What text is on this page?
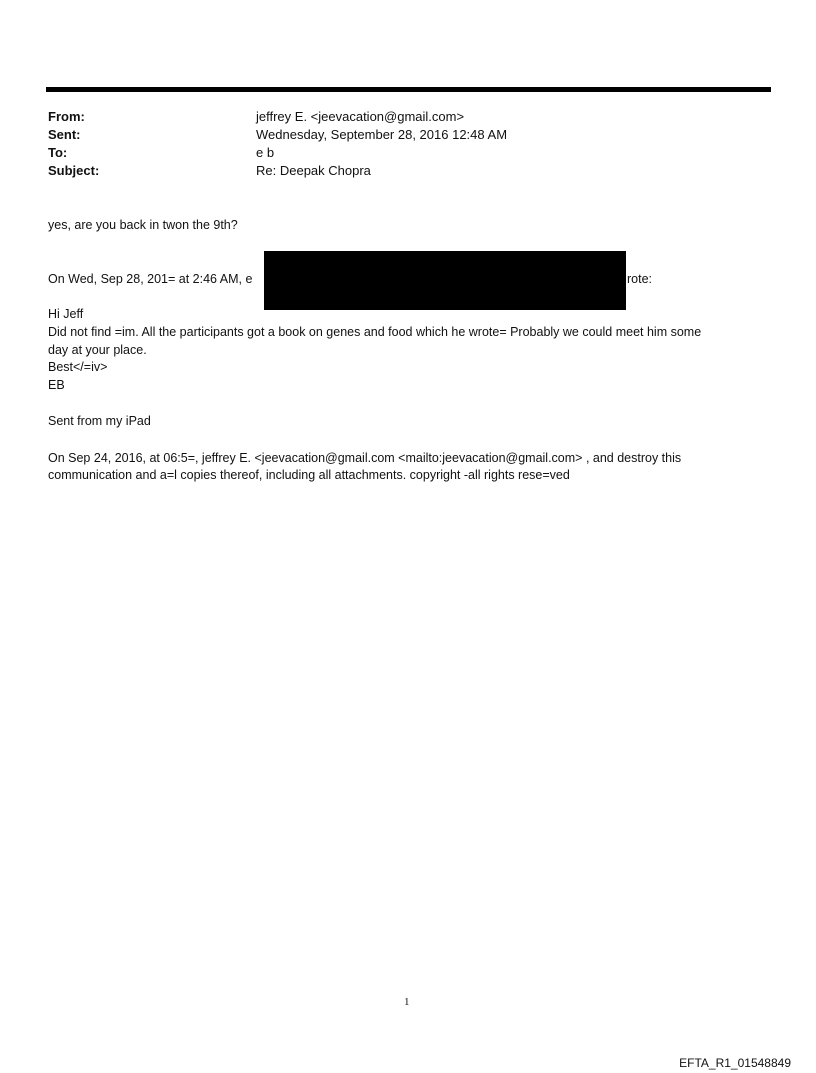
From:	jeffrey E. <jeevacation@gmail.com>
Sent:	Wednesday, September 28, 2016 12:48 AM
To:	e b
Subject:	Re: Deepak Chopra
yes, are you back in twon the 9th?
On Wed, Sep 28, 201= at 2:46 AM, e	rote:
Hi Jeff
Did not find =im. All the participants got a book on genes and food which he wrote= Probably we could meet him some
day at your place.
Best</=iv>
EB
Sent from my iPad
On Sep 24, 2016, at 06:5=, jeffrey E. <jeevacation@gmail.com <mailto:jeevacation@gmail.com> , and destroy this
communication and a=l copies thereof, including all attachments. copyright -all rights rese=ved
1
EFTA_R1_01548849
